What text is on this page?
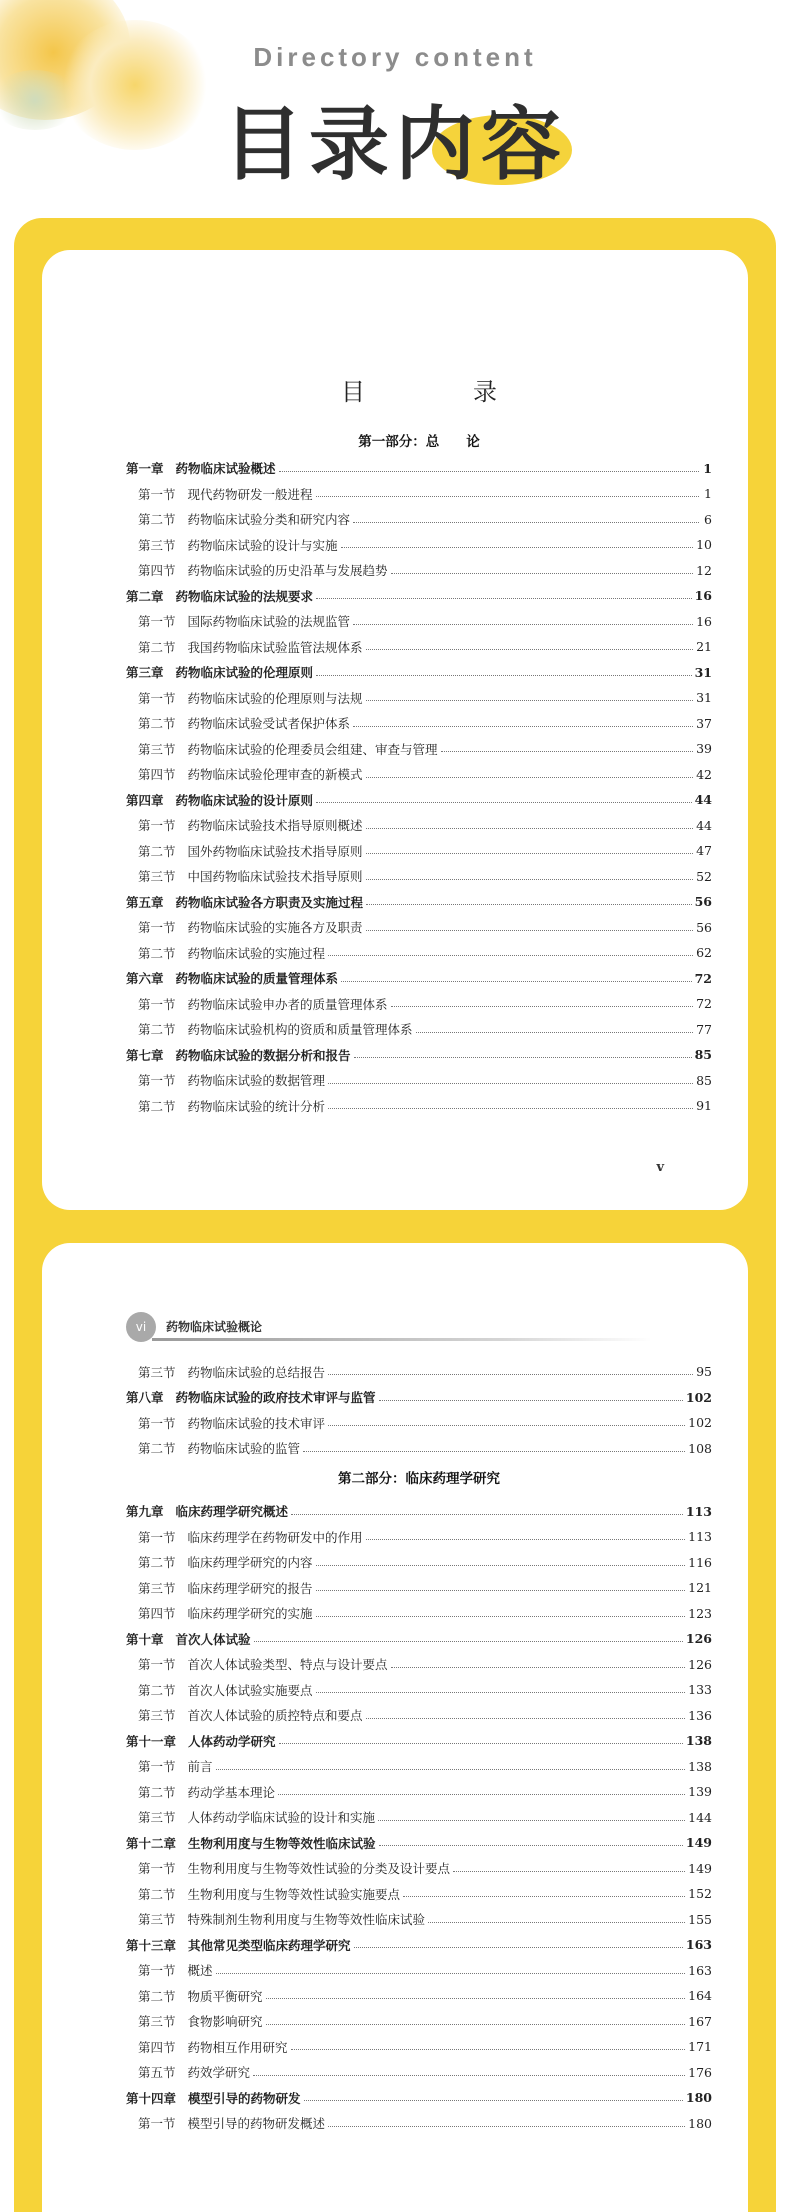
Directory content
目录内容
目　录
第一部分：总　　论
第一章 药物临床试验概述	1
第一节 现代药物研发一般进程	1
第二节 药物临床试验分类和研究内容	6
第三节 药物临床试验的设计与实施	10
第四节 药物临床试验的历史沿革与发展趋势	12
第二章 药物临床试验的法规要求	16
第一节 国际药物临床试验的法规监管	16
第二节 我国药物临床试验监管法规体系	21
第三章 药物临床试验的伦理原则	31
第一节 药物临床试验的伦理原则与法规	31
第二节 药物临床试验受试者保护体系	37
第三节 药物临床试验的伦理委员会组建、审查与管理	39
第四节 药物临床试验伦理审查的新模式	42
第四章 药物临床试验的设计原则	44
第一节 药物临床试验技术指导原则概述	44
第二节 国外药物临床试验技术指导原则	47
第三节 中国药物临床试验技术指导原则	52
第五章 药物临床试验各方职责及实施过程	56
第一节 药物临床试验的实施各方及职责	56
第二节 药物临床试验的实施过程	62
第六章 药物临床试验的质量管理体系	72
第一节 药物临床试验申办者的质量管理体系	72
第二节 药物临床试验机构的资质和质量管理体系	77
第七章 药物临床试验的数据分析和报告	85
第一节 药物临床试验的数据管理	85
第二节 药物临床试验的统计分析	91
v
vi	药物临床试验概论
第三节 药物临床试验的总结报告	95
第八章 药物临床试验的政府技术审评与监管	102
第一节 药物临床试验的技术审评	102
第二节 药物临床试验的监管	108
第二部分：临床药理学研究
第九章 临床药理学研究概述	113
第一节 临床药理学在药物研发中的作用	113
第二节 临床药理学研究的内容	116
第三节 临床药理学研究的报告	121
第四节 临床药理学研究的实施	123
第十章 首次人体试验	126
第一节 首次人体试验类型、特点与设计要点	126
第二节 首次人体试验实施要点	133
第三节 首次人体试验的质控特点和要点	136
第十一章 人体药动学研究	138
第一节 前言	138
第二节 药动学基本理论	139
第三节 人体药动学临床试验的设计和实施	144
第十二章 生物利用度与生物等效性临床试验	149
第一节 生物利用度与生物等效性试验的分类及设计要点	149
第二节 生物利用度与生物等效性试验实施要点	152
第三节 特殊制剂生物利用度与生物等效性临床试验	155
第十三章 其他常见类型临床药理学研究	163
第一节 概述	163
第二节 物质平衡研究	164
第三节 食物影响研究	167
第四节 药物相互作用研究	171
第五节 药效学研究	176
第十四章 模型引导的药物研发	180
第一节 模型引导的药物研发概述	180
